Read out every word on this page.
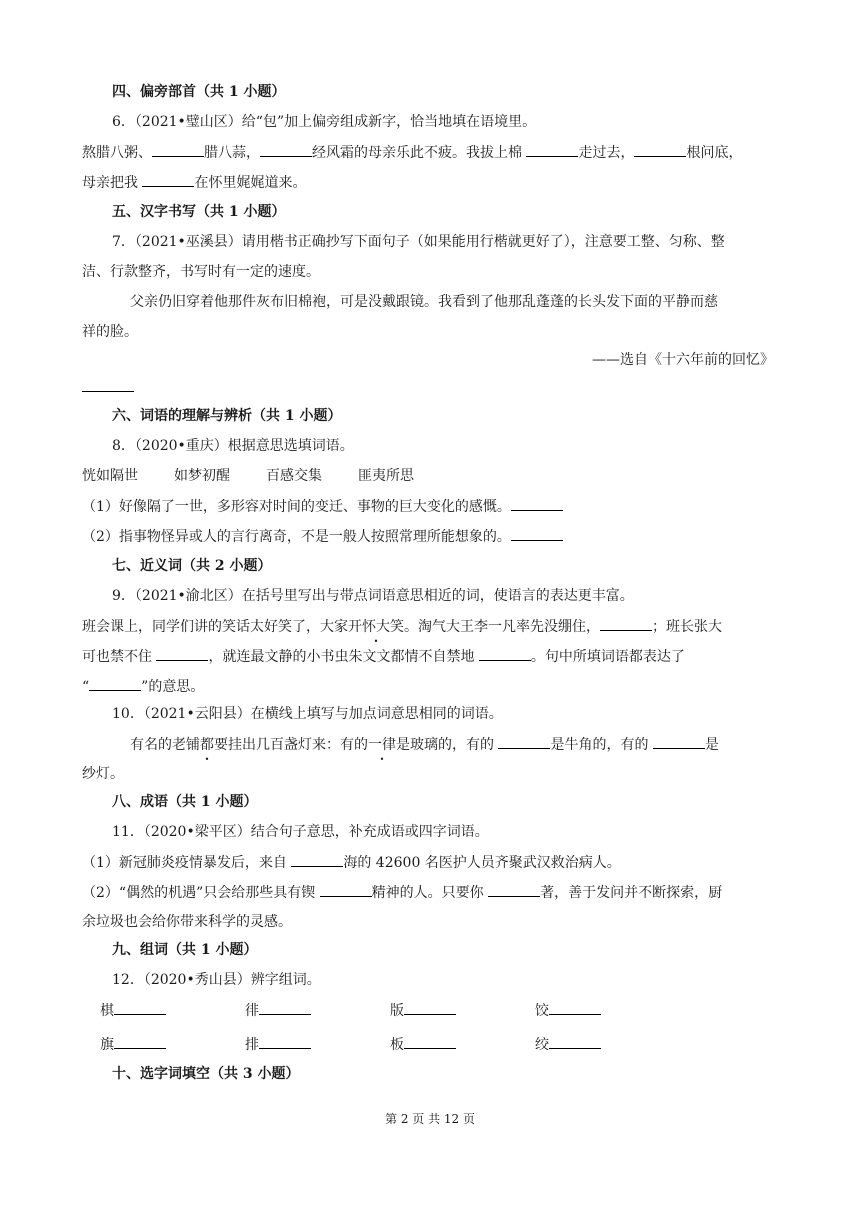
四、偏旁部首（共 1 小题）
6．（2021•璧山区）给“包”加上偏旁组成新字，恰当地填在语境里。
熬腊八粥、	腊八蒜，	经风霜的母亲乐此不疲。我拔上棉	走过去，	根问底，
母亲把我	在怀里娓娓道来。
五、汉字书写（共 1 小题）
7．（2021•巫溪县）请用楷书正确抄写下面句子（如果能用行楷就更好了），注意要工整、匀称、整
洁、行款整齐，书写时有一定的速度。
父亲仍旧穿着他那件灰布旧棉袍，可是没戴跟镜。我看到了他那乱蓬蓬的长头发下面的平静而慈
祥的脸。
——选自《十六年前的回忆》
六、词语的理解与辨析（共 1 小题）
8．（2020•重庆）根据意思选填词语。
恍如隔世	如梦初醒	百感交集	匪夷所思
（1）好像隔了一世，多形容对时间的变迁、事物的巨大变化的感慨。
（2）指事物怪异或人的言行离奇，不是一般人按照常理所能想象的。
七、近义词（共 2 小题）
9．（2021•渝北区）在括号里写出与带点词语意思相近的词，使语言的表达更丰富。
班会课上，同学们讲的笑话太好笑了，大家开怀大笑。淘气大王李一凡率先没绷住，	；班长张大
可也禁不住	，就连最文静的小书虫朱文文都情不自禁地	。句中所填词语都表达了
“	”的意思。
10．（2021•云阳县）在横线上填写与加点词意思相同的词语。
有名的老铺都要挂出几百盏灯来：有的一律是玻璃的，有的	是牛角的，有的	是
纱灯。
八、成语（共 1 小题）
11．（2020•梁平区）结合句子意思，补充成语或四字词语。
（1）新冠肺炎疫情暴发后，来自	海的 42600 名医护人员齐聚武汉救治病人。
（2）“偶然的机遇”只会给那些具有锲	精神的人。只要你	著，善于发问并不断探索，厨
余垃圾也会给你带来科学的灵感。
九、组词（共 1 小题）
12．（2020•秀山县）辨字组词。
棋	徘	版	饺
旗	排	板	绞
十、选字词填空（共 3 小题）
第 2 页 共 12 页
